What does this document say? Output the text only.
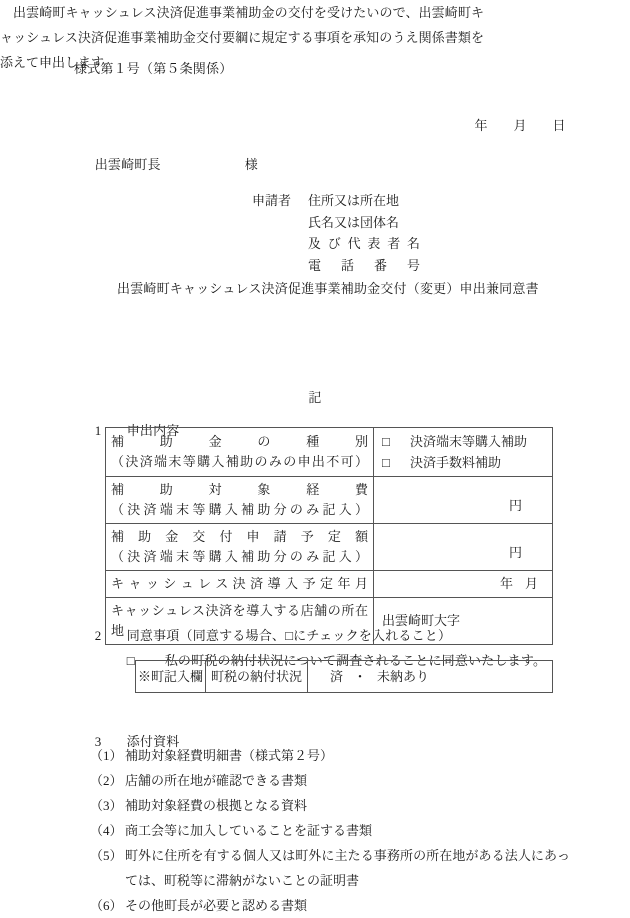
様式第１号（第５条関係）

年 月 日

出雲崎町長	様

申請者 住所又は所在地
氏名又は団体名
及び代表者名
電話番号
出雲崎町キャッシュレス決済促進事業補助金交付（変更）申出兼同意書
出雲崎町キャッシュレス決済促進事業補助金の交付を受けたいので、出雲崎町キャッシュレス決済促進事業補助金交付要綱に規定する事項を承知のうえ関係書類を添えて申出します。
記

1 申出内容

補助金の種別
（決済端末等購入補助のみの申出不可）

□ 決済端末等購入補助
□ 決済手数料補助

補助対象経費
（決済端末等購入補助分のみ記入）	円

補助金交付申請予定額
（決済端末等購入補助分のみ記入）	円

キャッシュレス決済導入予定年月	年 月

キャッシュレス決済を導入する店舗の所在地	出雲崎町大字

2 同意事項（同意する場合、□にチェックを入れること）

□ 私の町税の納付状況について調査されることに同意いたします。

※町記入欄	町税の納付状況	済 ・ 未納あり

3 添付資料

（1） 補助対象経費明細書（様式第２号）
（2） 店舗の所在地が確認できる書類
（3） 補助対象経費の根拠となる資料
（4） 商工会等に加入していることを証する書類
（5） 町外に住所を有する個人又は町外に主たる事務所の所在地がある法人にあっては、町税等に滞納がないことの証明書
（6） その他町長が必要と認める書類
